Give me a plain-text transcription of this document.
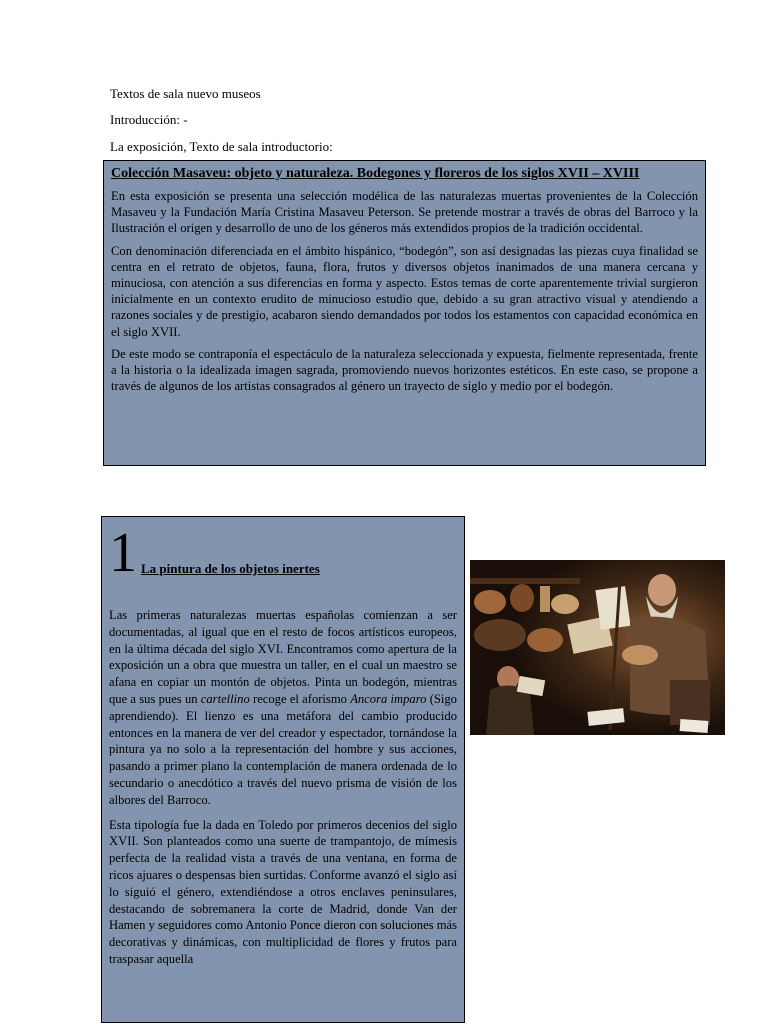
Textos de sala nuevo museos
Introducción: -
La exposición, Texto de sala introductorio:
Colección Masaveu: objeto y naturaleza. Bodegones y floreros de los siglos XVII – XVIII

En esta exposición se presenta una selección modélica de las naturalezas muertas provenientes de la Colección Masaveu y la Fundación María Cristina Masaveu Peterson. Se pretende mostrar a través de obras del Barroco y la Ilustración el origen y desarrollo de uno de los géneros más extendidos propios de la tradición occidental.

Con denominación diferenciada en el ámbito hispánico, “bodegón”, son así designadas las piezas cuya finalidad se centra en el retrato de objetos, fauna, flora, frutos y diversos objetos inanimados de una manera cercana y minuciosa, con atención a sus diferencias en forma y aspecto. Estos temas de corte aparentemente trivial surgieron inicialmente en un contexto erudito de minucioso estudio que, debido a su gran atractivo visual y atendiendo a razones sociales y de prestigio, acabaron siendo demandados por todos los estamentos con capacidad económica en el siglo XVII.

De este modo se contraponía el espectáculo de la naturaleza seleccionada y expuesta, fielmente representada, frente a la historia o la idealizada imagen sagrada, promoviendo nuevos horizontes estéticos. En este caso, se propone a través de algunos de los artistas consagrados al género un trayecto de siglo y medio por el bodegón.

1 La pintura de los objetos inertes

Las primeras naturalezas muertas españolas comienzan a ser documentadas, al igual que en el resto de focos artísticos europeos, en la última década del siglo XVI. Encontramos como apertura de la exposición un a obra que muestra un taller, en el cual un maestro se afana en copiar un montón de objetos. Pinta un bodegón, mientras que a sus pues un cartellino recoge el aforismo Ancora imparo (Sigo aprendiendo). El lienzo es una metáfora del cambio producido entonces en la manera de ver del creador y espectador, tornándose la pintura ya no solo a la representación del hombre y sus acciones, pasando a primer plano la contemplación de manera ordenada de lo secundario o anecdótico a través del nuevo prisma de visión de los albores del Barroco.

Esta tipología fue la dada en Toledo por primeros decenios del siglo XVII. Son planteados como una suerte de trampantojo, de mímesis perfecta de la realidad vista a través de una ventana, en forma de ricos ajuares o despensas bien surtidas. Conforme avanzó el siglo así lo siguió el género, extendiéndose a otros enclaves peninsulares, destacando de sobremanera la corte de Madrid, donde Van der Hamen y seguidores como Antonio Ponce dieron con soluciones más decorativas y dinámicas, con multiplicidad de flores y frutos para traspasar aquella
